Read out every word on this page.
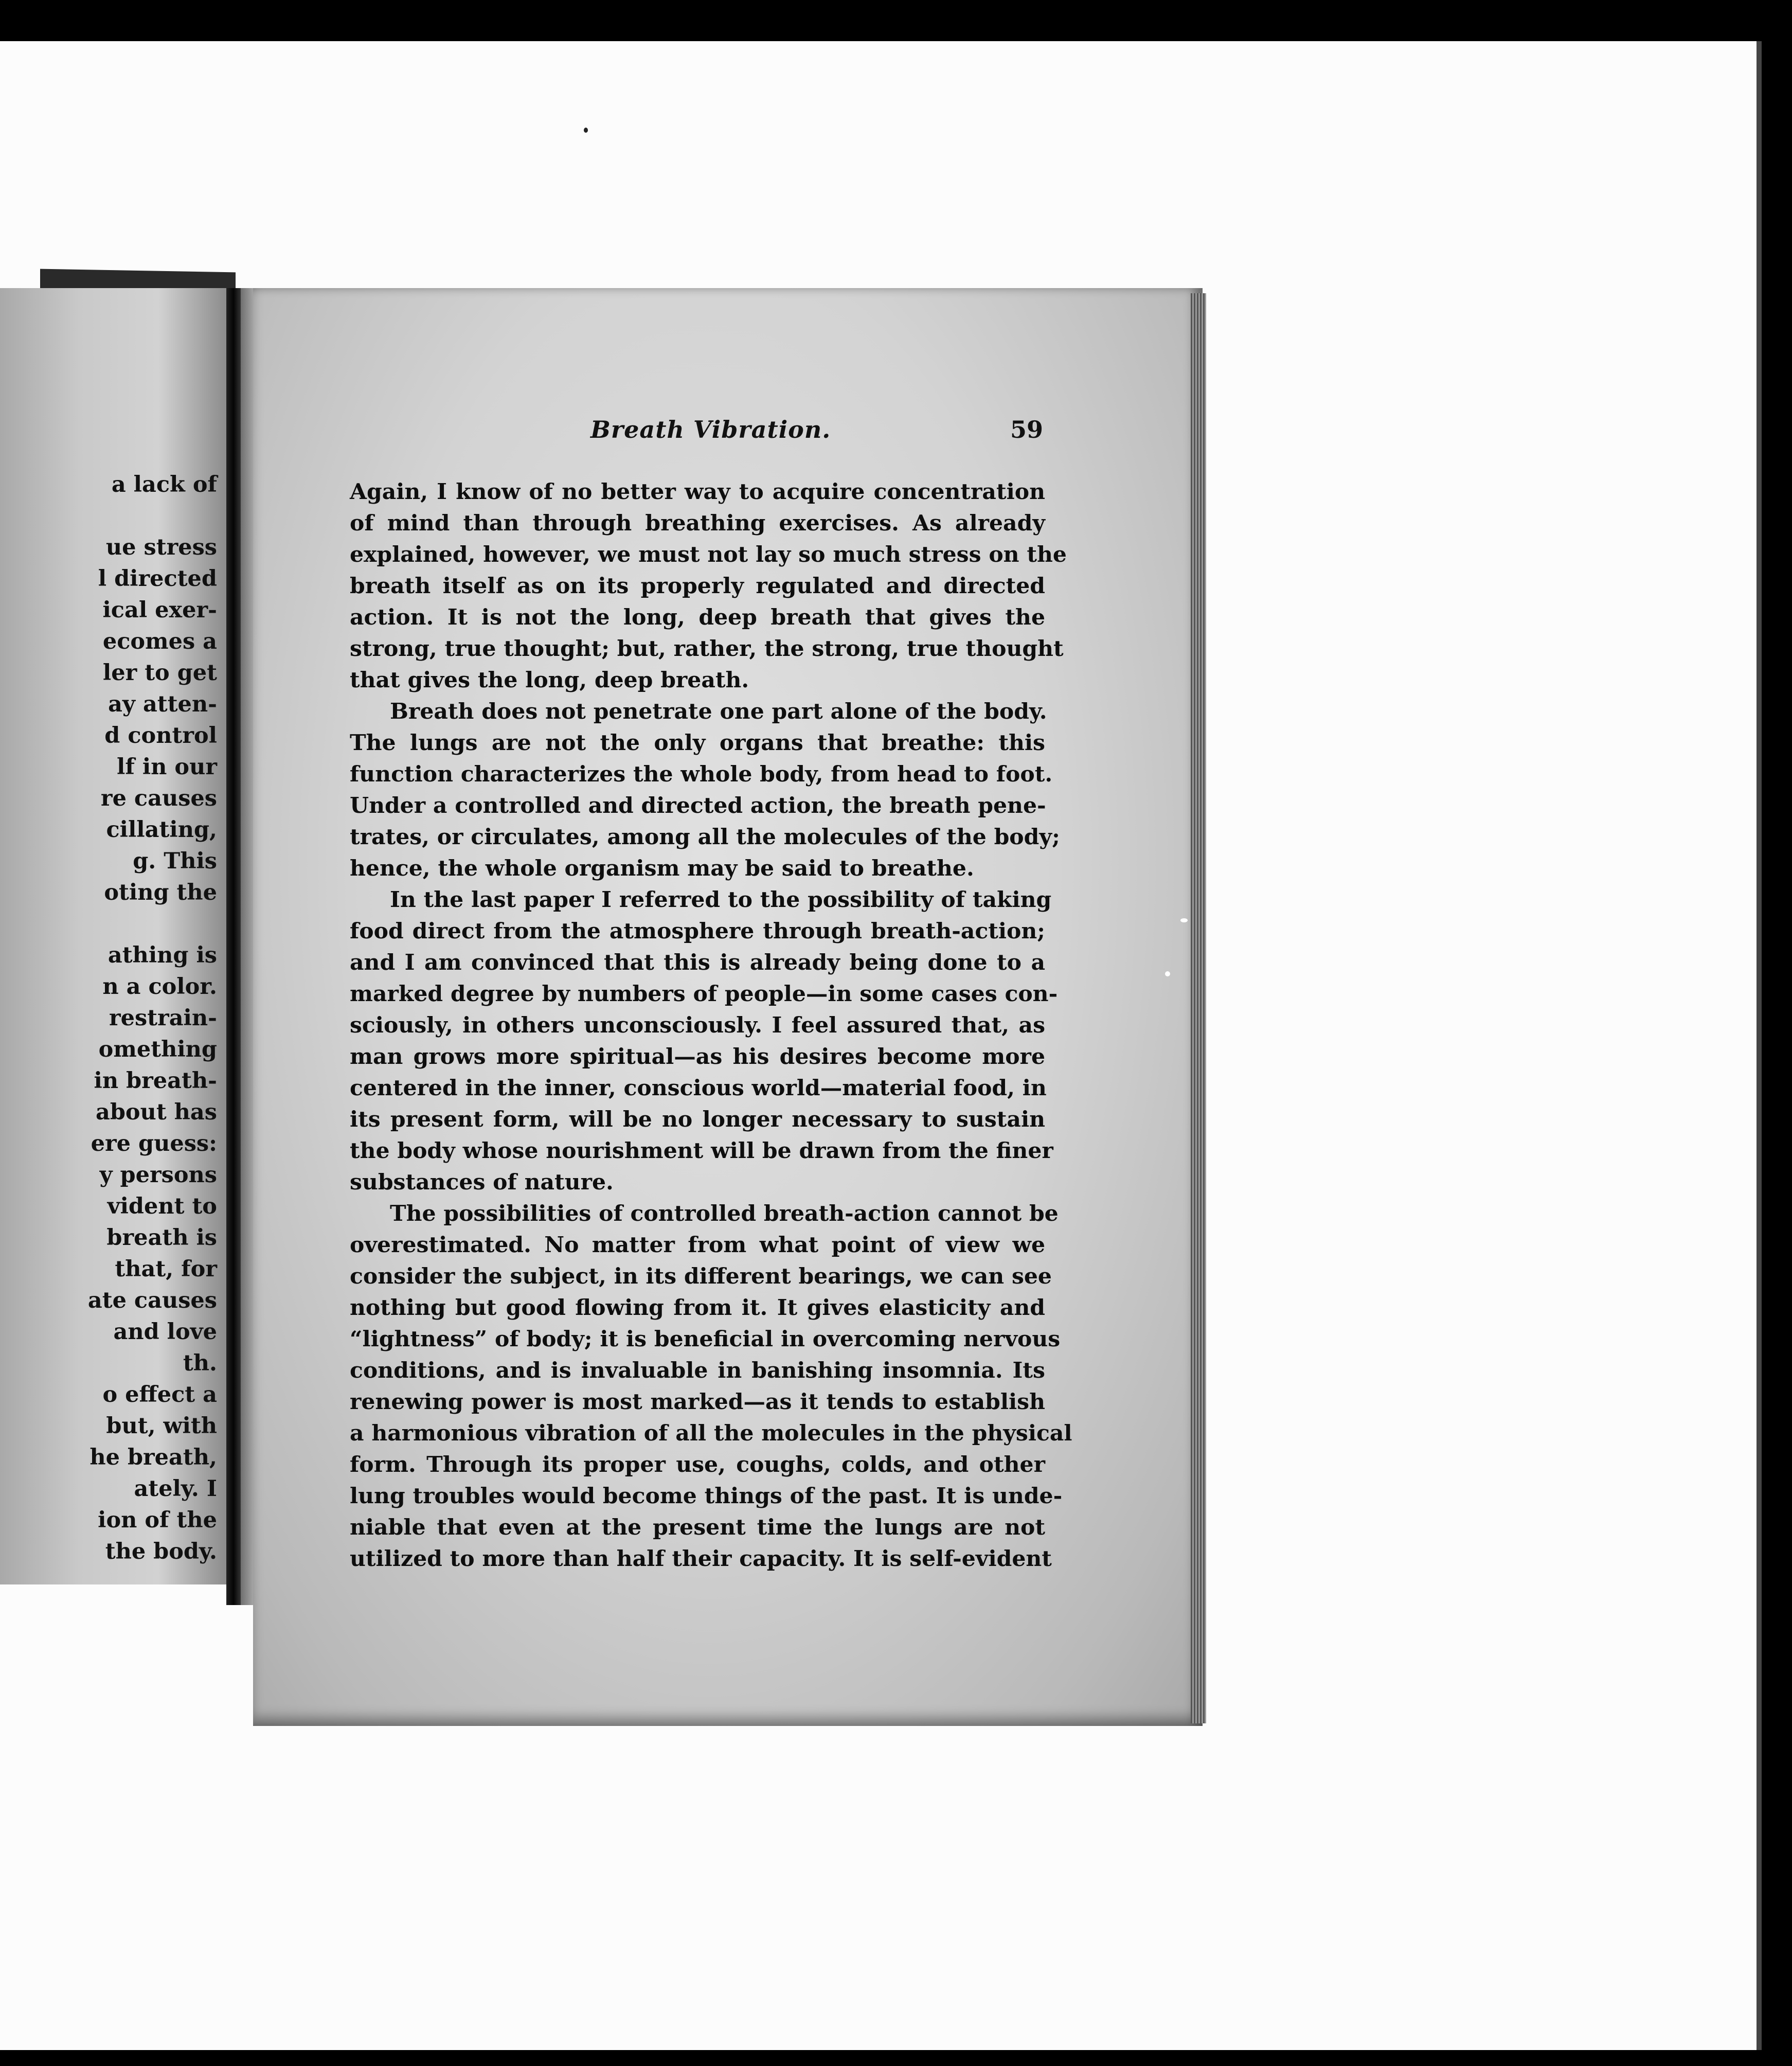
a lack of
ue stress
l directed
ical exer-
ecomes a
ler to get
ay atten-
d control
lf in our
re causes
cillating,
g. This
oting the
athing is
n a color.
restrain-
omething
in breath-
about has
ere guess:
y persons
vident to
breath is
that, for
ate causes
and love
th.
o effect a
but, with
he breath,
ately. I
ion of the
the body.
Breath Vibration.	59
Again, I know of no better way to acquire concentration
of mind than through breathing exercises. As already
explained, however, we must not lay so much stress on the
breath itself as on its properly regulated and directed
action. It is not the long, deep breath that gives the
strong, true thought; but, rather, the strong, true thought
that gives the long, deep breath.
Breath does not penetrate one part alone of the body.
The lungs are not the only organs that breathe: this
function characterizes the whole body, from head to foot.
Under a controlled and directed action, the breath pene-
trates, or circulates, among all the molecules of the body;
hence, the whole organism may be said to breathe.
In the last paper I referred to the possibility of taking
food direct from the atmosphere through breath-action;
and I am convinced that this is already being done to a
marked degree by numbers of people—in some cases con-
sciously, in others unconsciously. I feel assured that, as
man grows more spiritual—as his desires become more
centered in the inner, conscious world—material food, in
its present form, will be no longer necessary to sustain
the body whose nourishment will be drawn from the finer
substances of nature.
The possibilities of controlled breath-action cannot be
overestimated. No matter from what point of view we
consider the subject, in its different bearings, we can see
nothing but good flowing from it. It gives elasticity and
“lightness” of body; it is beneficial in overcoming nervous
conditions, and is invaluable in banishing insomnia. Its
renewing power is most marked—as it tends to establish
a harmonious vibration of all the molecules in the physical
form. Through its proper use, coughs, colds, and other
lung troubles would become things of the past. It is unde-
niable that even at the present time the lungs are not
utilized to more than half their capacity. It is self-evident
